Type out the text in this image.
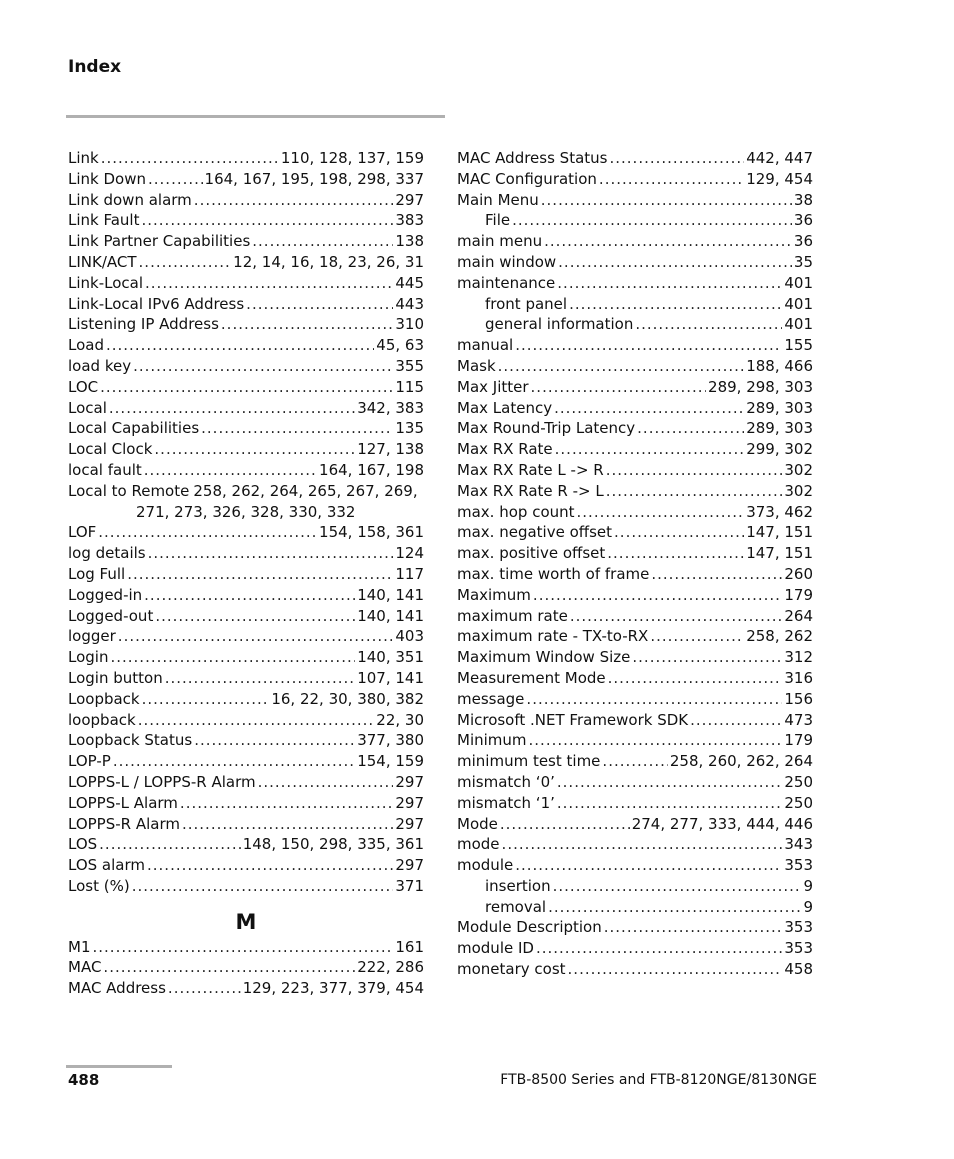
Index
Link .....	110, 128, 137, 159
Link Down .....	164, 167, 195, 198, 298, 337
Link down alarm .....	297
Link Fault .....	383
Link Partner Capabilities .....	138
LINK/ACT .....	12, 14, 16, 18, 23, 26, 31
Link-Local .....	445
Link-Local IPv6 Address .....	443
Listening IP Address .....	310
Load .....	45, 63
load key .....	355
LOC .....	115
Local .....	342, 383
Local Capabilities .....	135
Local Clock .....	127, 138
local fault .....	164, 167, 198
Local to Remote 258, 262, 264, 265, 267, 269,
271, 273, 326, 328, 330, 332
LOF .....	154, 158, 361
log details .....	124
Log Full .....	117
Logged-in .....	140, 141
Logged-out .....	140, 141
logger .....	403
Login .....	140, 351
Login button .....	107, 141
Loopback .....	16, 22, 30, 380, 382
loopback .....	22, 30
Loopback Status .....	377, 380
LOP-P .....	154, 159
LOPPS-L / LOPPS-R Alarm .....	297
LOPPS-L Alarm .....	297
LOPPS-R Alarm .....	297
LOS .....	148, 150, 298, 335, 361
LOS alarm .....	297
Lost (%) .....	371
M
M1 .....	161
MAC .....	222, 286
MAC Address .....	129, 223, 377, 379, 454
MAC Address Status .....	442, 447
MAC Configuration .....	129, 454
Main Menu .....	38
File .....	36
main menu .....	36
main window .....	35
maintenance .....	401
front panel .....	401
general information .....	401
manual .....	155
Mask .....	188, 466
Max Jitter .....	289, 298, 303
Max Latency .....	289, 303
Max Round-Trip Latency .....	289, 303
Max RX Rate .....	299, 302
Max RX Rate L -> R .....	302
Max RX Rate R -> L .....	302
max. hop count .....	373, 462
max. negative offset .....	147, 151
max. positive offset .....	147, 151
max. time worth of frame .....	260
Maximum .....	179
maximum rate .....	264
maximum rate - TX-to-RX .....	258, 262
Maximum Window Size .....	312
Measurement Mode .....	316
message .....	156
Microsoft .NET Framework SDK .....	473
Minimum .....	179
minimum test time .....	258, 260, 262, 264
mismatch ‘0’ .....	250
mismatch ‘1’ .....	250
Mode .....	274, 277, 333, 444, 446
mode .....	343
module .....	353
insertion .....	9
removal .....	9
Module Description .....	353
module ID .....	353
monetary cost .....	458
488	FTB-8500 Series and FTB-8120NGE/8130NGE
